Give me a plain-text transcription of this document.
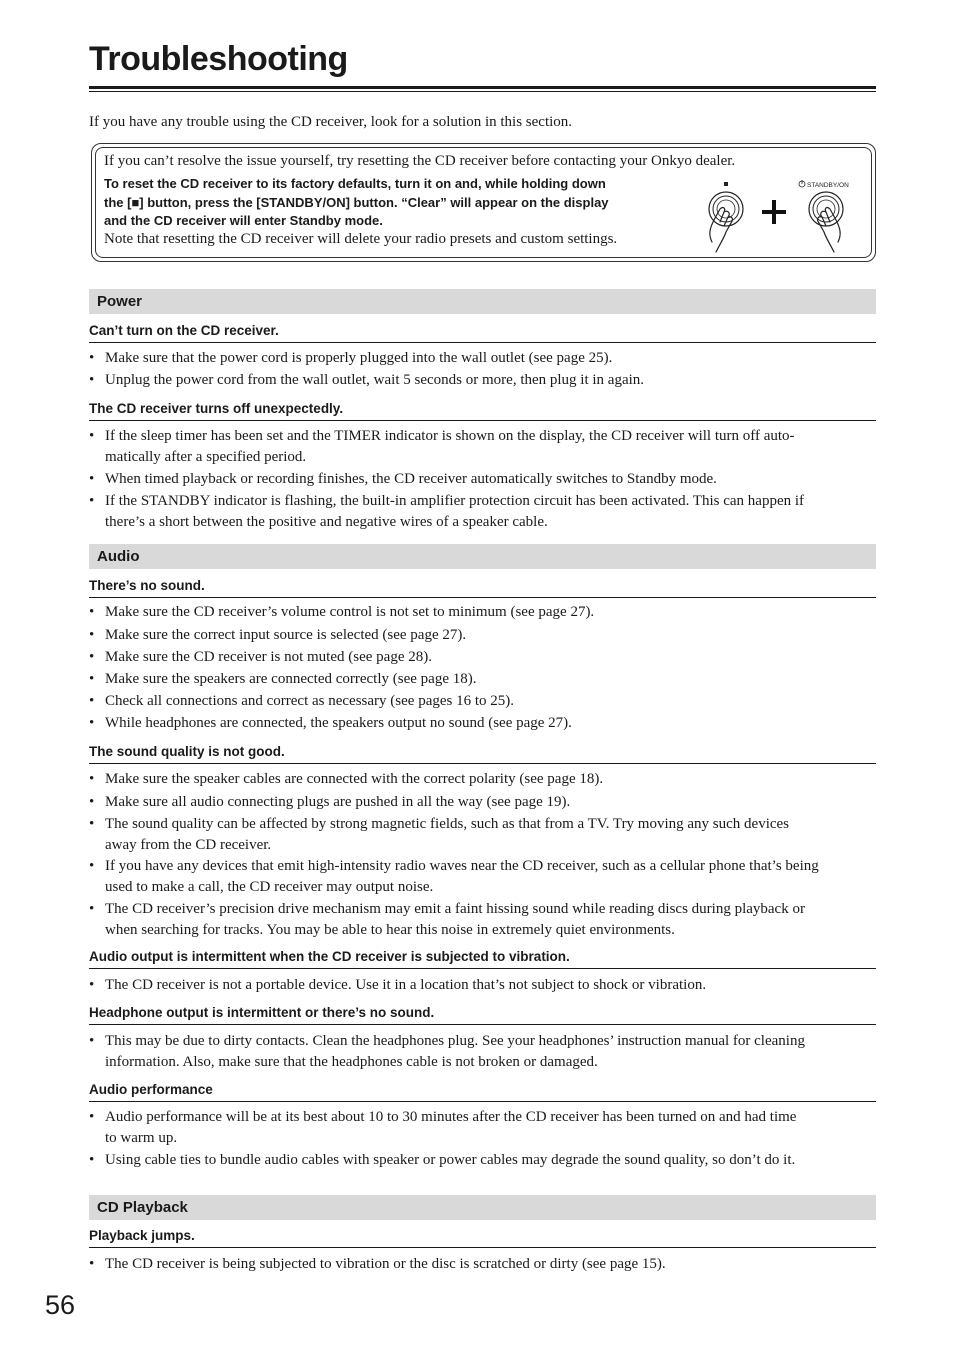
Troubleshooting
If you have any trouble using the CD receiver, look for a solution in this section.
If you can’t resolve the issue yourself, try resetting the CD receiver before contacting your Onkyo dealer.
To reset the CD receiver to its factory defaults, turn it on and, while holding down
the [■] button, press the [STANDBY/ON] button. “Clear” will appear on the display
and the CD receiver will enter Standby mode.
Note that resetting the CD receiver will delete your radio presets and custom settings.
STANDBY/ON
Power
Can’t turn on the CD receiver.
• Make sure that the power cord is properly plugged into the wall outlet (see page 25).
• Unplug the power cord from the wall outlet, wait 5 seconds or more, then plug it in again.
The CD receiver turns off unexpectedly.
• If the sleep timer has been set and the TIMER indicator is shown on the display, the CD receiver will turn off auto-
matically after a specified period.
• When timed playback or recording finishes, the CD receiver automatically switches to Standby mode.
• If the STANDBY indicator is flashing, the built-in amplifier protection circuit has been activated. This can happen if
there’s a short between the positive and negative wires of a speaker cable.
Audio
There’s no sound.
• Make sure the CD receiver’s volume control is not set to minimum (see page 27).
• Make sure the correct input source is selected (see page 27).
• Make sure the CD receiver is not muted (see page 28).
• Make sure the speakers are connected correctly (see page 18).
• Check all connections and correct as necessary (see pages 16 to 25).
• While headphones are connected, the speakers output no sound (see page 27).
The sound quality is not good.
• Make sure the speaker cables are connected with the correct polarity (see page 18).
• Make sure all audio connecting plugs are pushed in all the way (see page 19).
• The sound quality can be affected by strong magnetic fields, such as that from a TV. Try moving any such devices
away from the CD receiver.
• If you have any devices that emit high-intensity radio waves near the CD receiver, such as a cellular phone that’s being
used to make a call, the CD receiver may output noise.
• The CD receiver’s precision drive mechanism may emit a faint hissing sound while reading discs during playback or
when searching for tracks. You may be able to hear this noise in extremely quiet environments.
Audio output is intermittent when the CD receiver is subjected to vibration.
• The CD receiver is not a portable device. Use it in a location that’s not subject to shock or vibration.
Headphone output is intermittent or there’s no sound.
• This may be due to dirty contacts. Clean the headphones plug. See your headphones’ instruction manual for cleaning
information. Also, make sure that the headphones cable is not broken or damaged.
Audio performance
• Audio performance will be at its best about 10 to 30 minutes after the CD receiver has been turned on and had time
to warm up.
• Using cable ties to bundle audio cables with speaker or power cables may degrade the sound quality, so don’t do it.
CD Playback
Playback jumps.
• The CD receiver is being subjected to vibration or the disc is scratched or dirty (see page 15).
56
